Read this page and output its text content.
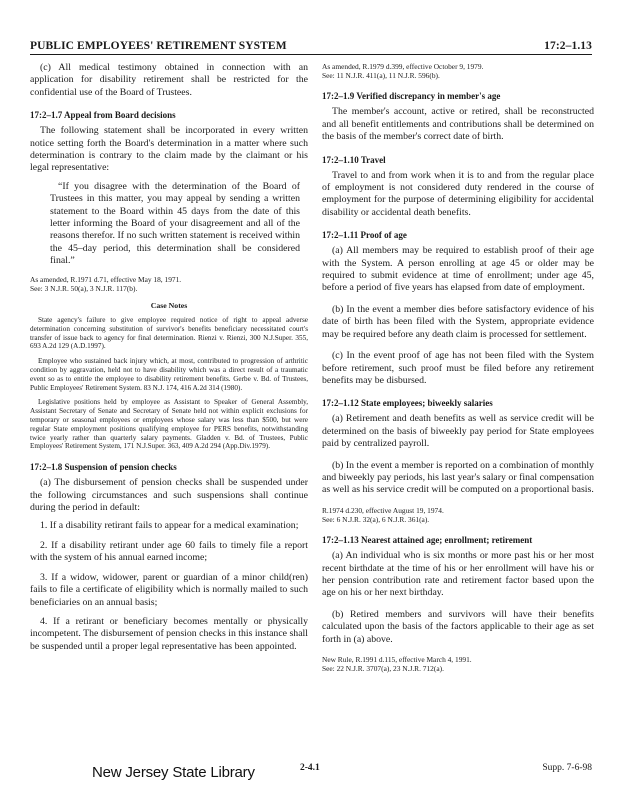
PUBLIC EMPLOYEES' RETIREMENT SYSTEM	17:2–1.13

(c) All medical testimony obtained in connection with an application for disability retirement shall be restricted for the confidential use of the Board of Trustees.

17:2–1.7 Appeal from Board decisions

The following statement shall be incorporated in every written notice setting forth the Board's determination in a matter where such determination is contrary to the claim made by the claimant or his legal representative:

“If you disagree with the determination of the Board of Trustees in this matter, you may appeal by sending a written statement to the Board within 45 days from the date of this letter informing the Board of your disagreement and all of the reasons therefor. If no such written statement is received within the 45–day period, this determination shall be considered final.”

As amended, R.1971 d.71, effective May 18, 1971.
See: 3 N.J.R. 50(a), 3 N.J.R. 117(b).
Case Notes

State agency's failure to give employee required notice of right to appeal adverse determination concerning substitution of survivor's benefits beneficiary necessitated court's transfer of issue back to agency for final determination. Rienzi v. Rienzi, 300 N.J.Super. 355, 693 A.2d 129 (A.D.1997).

Employee who sustained back injury which, at most, contributed to progression of arthritic condition by aggravation, held not to have disability which was a direct result of a traumatic event so as to entitle the employee to disability retirement benefits. Gerbe v. Bd. of Trustees, Public Employees' Retirement System. 83 N.J. 174, 416 A.2d 314 (1980).

Legislative positions held by employee as Assistant to Speaker of General Assembly, Assistant Secretary of Senate and Secretary of Senate held not within explicit exclusions for temporary or seasonal employees or employees whose salary was less than $500, but were regular State employment positions qualifying employee for PERS benefits, notwithstanding twice yearly rather than quarterly salary payments. Gladden v. Bd. of Trustees, Public Employees' Retirement System, 171 N.J.Super. 363, 409 A.2d 294 (App.Div.1979).

17:2–1.8 Suspension of pension checks

(a) The disbursement of pension checks shall be suspended under the following circumstances and such suspensions shall continue during the period in default:

1. If a disability retirant fails to appear for a medical examination;

2. If a disability retirant under age 60 fails to timely file a report with the system of his annual earned income;

3. If a widow, widower, parent or guardian of a minor child(ren) fails to file a certificate of eligibility which is normally mailed to such beneficiaries on an annual basis;

4. If a retirant or beneficiary becomes mentally or physically incompetent. The disbursement of pension checks in this instance shall be suspended until a proper legal representative has been appointed.

As amended, R.1979 d.399, effective October 9, 1979.
See: 11 N.J.R. 411(a), 11 N.J.R. 596(b).
17:2–1.9 Verified discrepancy in member's age

The member's account, active or retired, shall be reconstructed and all benefit entitlements and contributions shall be determined on the basis of the member's correct date of birth.

17:2–1.10 Travel

Travel to and from work when it is to and from the regular place of employment is not considered duty rendered in the course of employment for the purpose of determining eligibility for accidental disability or accidental death benefits.

17:2–1.11 Proof of age

(a) All members may be required to establish proof of their age with the System. A person enrolling at age 45 or older may be required to submit evidence at time of enrollment; under age 45, before a period of five years has elapsed from date of employment.

(b) In the event a member dies before satisfactory evidence of his date of birth has been filed with the System, appropriate evidence may be required before any death claim is processed for settlement.

(c) In the event proof of age has not been filed with the System before retirement, such proof must be filed before any retirement benefits may be disbursed.

17:2–1.12 State employees; biweekly salaries

(a) Retirement and death benefits as well as service credit will be determined on the basis of biweekly pay period for State employees paid by centralized payroll.

(b) In the event a member is reported on a combination of monthly and biweekly pay periods, his last year's salary or final compensation as well as his service credit will be computed on a proportional basis.

R.1974 d.230, effective August 19, 1974.
See: 6 N.J.R. 32(a), 6 N.J.R. 361(a).
17:2–1.13 Nearest attained age; enrollment; retirement

(a) An individual who is six months or more past his or her most recent birthdate at the time of his or her enrollment will have his or her pension contribution rate and retirement factor based upon the age on his or her next birthday.

(b) Retired members and survivors will have their benefits calculated upon the basis of the factors applicable to their age as set forth in (a) above.

New Rule, R.1991 d.115, effective March 4, 1991.
See: 22 N.J.R. 3707(a), 23 N.J.R. 712(a).
New Jersey State Library	2-4.1	Supp. 7-6-98
